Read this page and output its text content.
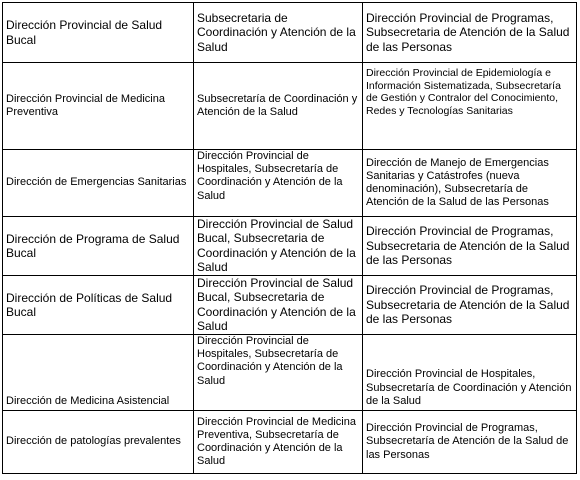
Dirección Provincial de Salud Bucal	Subsecretaria de Coordinación y Atención de la Salud	Dirección Provincial de Programas, Subsecretaria de Atención de la Salud de las Personas
Dirección Provincial de Medicina Preventiva	Subsecretaría de Coordinación y Atención de la Salud	Dirección Provincial de Epidemiología e Información Sistematizada, Subsecretaría de Gestión y Contralor del Conocimiento, Redes y Tecnologías Sanitarias
Dirección de Emergencias Sanitarias	Dirección Provincial de Hospitales, Subsecretaría de Coordinación y Atención de la Salud	Dirección de Manejo de Emergencias Sanitarias y Catástrofes (nueva denominación), Subsecretaría de Atención de la Salud de las Personas
Dirección de Programa de Salud Bucal	Dirección Provincial de Salud Bucal, Subsecretaria de Coordinación y Atención de la Salud	Dirección Provincial de Programas, Subsecretaria de Atención de la Salud de las Personas
Dirección de Políticas de Salud Bucal	Dirección Provincial de Salud Bucal, Subsecretaria de Coordinación y Atención de la Salud	Dirección Provincial de Programas, Subsecretaria de Atención de la Salud de las Personas
Dirección de Medicina Asistencial	Dirección Provincial de Hospitales, Subsecretaría de Coordinación y Atención de la Salud	Dirección Provincial de Hospitales, Subsecretaría de Coordinación y Atención de la Salud
Dirección de patologías prevalentes	Dirección Provincial de Medicina Preventiva, Subsecretaría de Coordinación y Atención de la Salud	Dirección Provincial de Programas, Subsecretaría de Atención de la Salud de las Personas
